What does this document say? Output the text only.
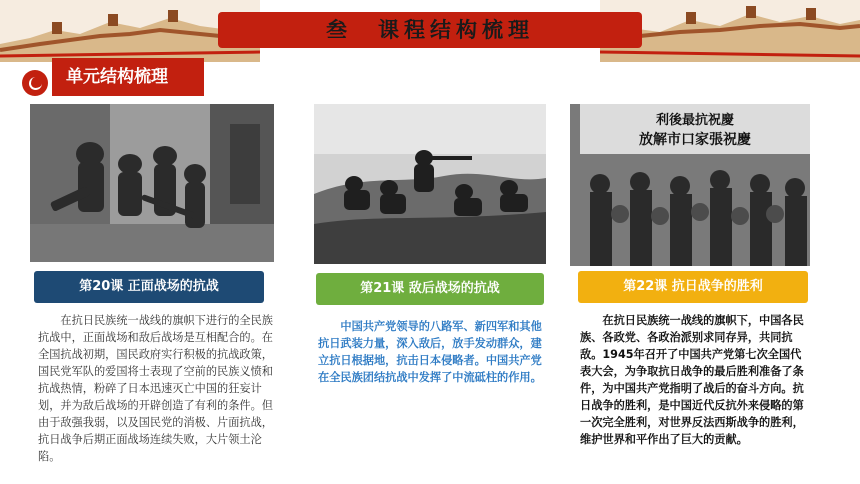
叁　课程结构梳理
单元结构梳理
利後最抗祝慶
放解市口家張祝慶
第20课 正面战场的抗战	第21课 敌后战场的抗战	第22课 抗日战争的胜利
在抗日民族统一战线的旗帜下进行的全民族抗战中，正面战场和敌后战场是互相配合的。在全国抗战初期，国民政府实行积极的抗战政策，国民党军队的爱国将士表现了空前的民族义愤和抗战热情，粉碎了日本迅速灭亡中国的狂妄计划，并为敌后战场的开辟创造了有利的条件。但由于敌强我弱，以及国民党的消极、片面抗战，抗日战争后期正面战场连续失败，大片领土沦陷。
中国共产党领导的八路军、新四军和其他抗日武装力量，深入敌后，放手发动群众，建立抗日根据地，抗击日本侵略者。中国共产党在全民族团结抗战中发挥了中流砥柱的作用。
在抗日民族统一战线的旗帜下，中国各民族、各政党、各政治派别求同存异，共同抗敌。1945年召开了中国共产党第七次全国代表大会，为争取抗日战争的最后胜利准备了条件，为中国共产党指明了战后的奋斗方向。抗日战争的胜利，是中国近代反抗外来侵略的第一次完全胜利，对世界反法西斯战争的胜利，维护世界和平作出了巨大的贡献。
